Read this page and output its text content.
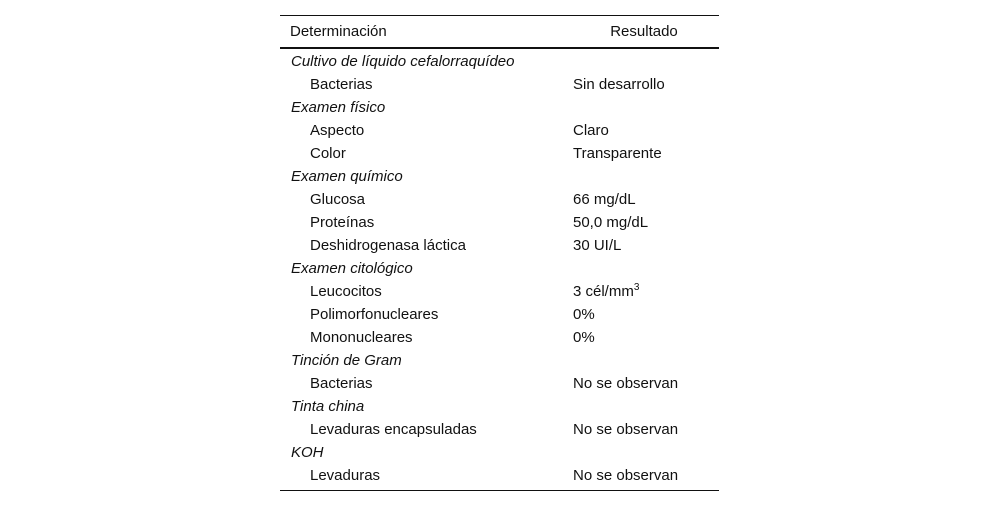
Determinación	Resultado
Cultivo de líquido cefalorraquídeo	
Bacterias	Sin desarrollo
Examen físico	
Aspecto	Claro
Color	Transparente
Examen químico	
Glucosa	66 mg/dL
Proteínas	50,0 mg/dL
Deshidrogenasa láctica	30 UI/L
Examen citológico	
Leucocitos	3 cél/$mm^3$
Polimorfonucleares	0%
Mononucleares	0%
Tinción de Gram	
Bacterias	No se observan
Tinta china	
Levaduras encapsuladas	No se observan
KOH	
Levaduras	No se observan
